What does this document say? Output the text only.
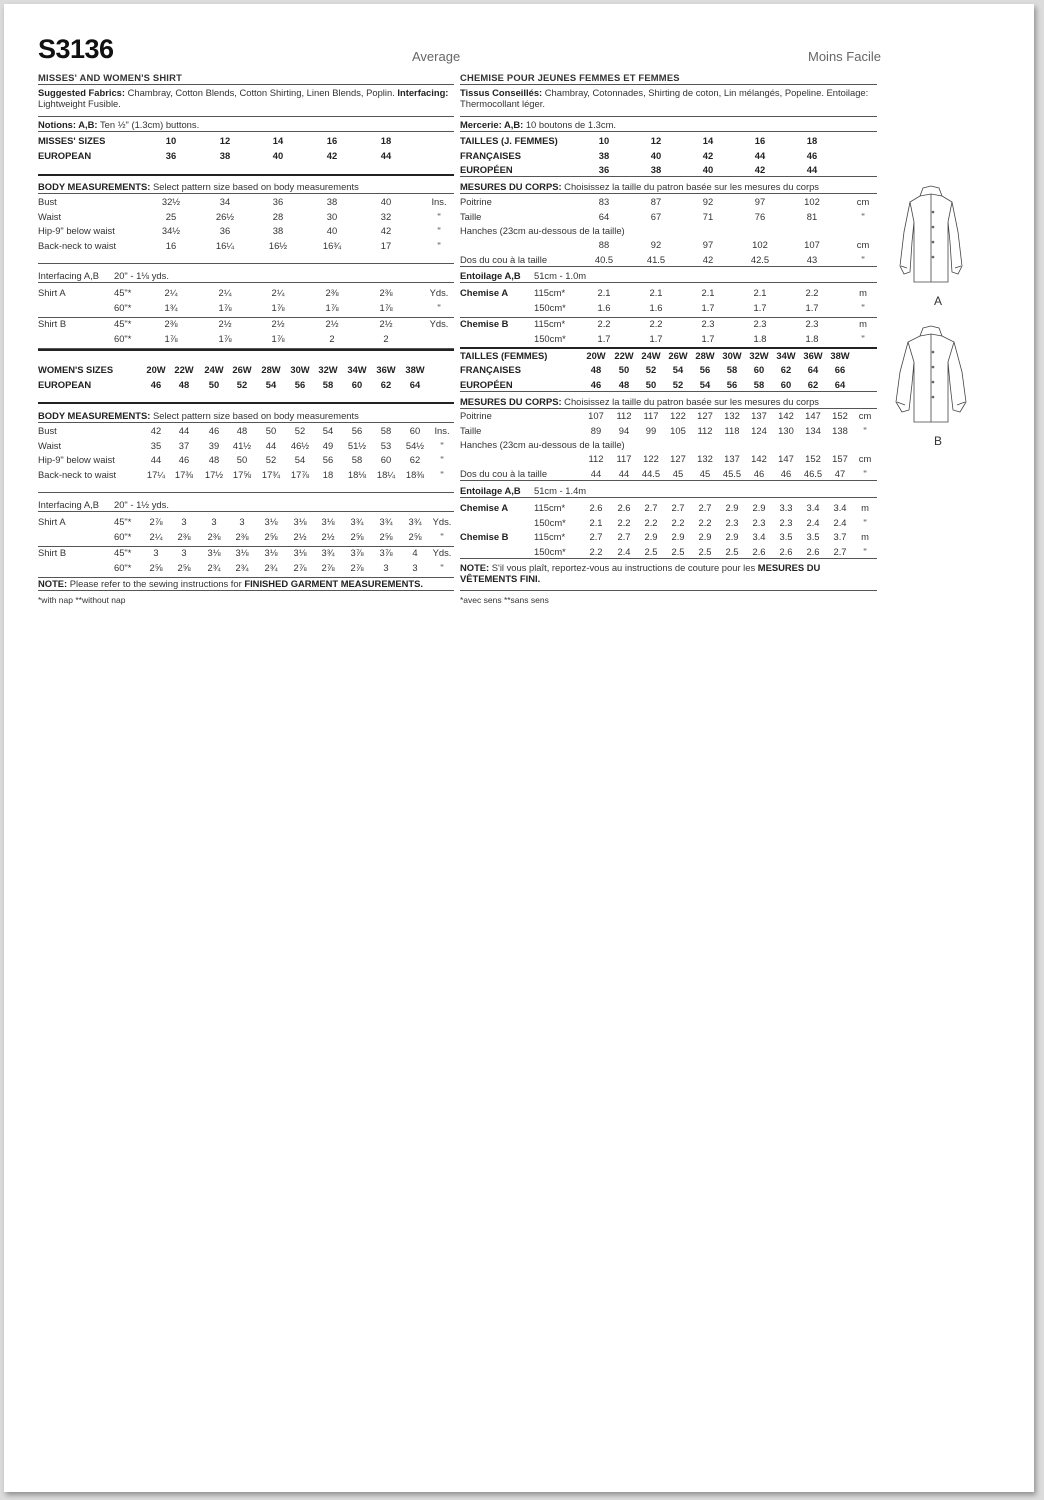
S3136	Average	Moins Facile
MISSES' AND WOMEN'S SHIRT
Suggested Fabrics: Chambray, Cotton Blends, Cotton Shirting, Linen Blends, Poplin. Interfacing: Lightweight Fusible.
Notions: A,B: Ten ½" (1.3cm) buttons.
MISSES' SIZES	10	12	14	16	18
EUROPEAN	36	38	40	42	44
BODY MEASUREMENTS: Select pattern size based on body measurements
Bust	32½	34	36	38	40	Ins.
Waist	25	26½	28	30	32	"
Hip-9" below waist	34½	36	38	40	42	"
Back-neck to waist	16	16¼	16½	16¾	17	"
Interfacing A,B 20" - 1⅛ yds.
Shirt A	45"*	2¼	2¼	2¼	2⅜	2⅜	Yds.
60"*	1¾	1⅞	1⅞	1⅞	1⅞	"
Shirt B	45"*	2⅜	2½	2½	2½	2½	Yds.
60"*	1⅞	1⅞	1⅞	2	2
WOMEN'S SIZES	20W 22W 24W 26W 28W 30W 32W 34W 36W 38W
EUROPEAN	46 48 50 52 54 56 58 60 62 64
BODY MEASUREMENTS: Select pattern size based on body measurements
Bust	42 44 46 48 50 52 54 56 58 60 Ins.
Waist	35 37 39 41½ 44 46½ 49 51½ 53 54½ "
Hip-9" below waist	44 46 48 50 52 54 56 58 60 62 "
Back-neck to waist	17¼ 17⅜ 17½ 17⅝ 17¾ 17⅞ 18 18⅛ 18¼ 18⅜ "
Interfacing A,B 20" - 1½ yds.
Shirt A	45"* 2⅞ 3	3 3 3⅛ 3⅛ 3⅛ 3¾ 3¾ 3¾ Yds.
60"* 2¼ 2⅜ 2⅜ 2⅜ 2⅝ 2½ 2½ 2⅝ 2⅝ 2⅝ "
Shirt B	45"* 3 3 3⅛ 3⅛ 3⅛ 3⅛ 3¾ 3⅞ 3⅞ 4 Yds.
60"* 2⅝ 2⅝ 2¾ 2¾ 2¾ 2⅞ 2⅞ 2⅞ 3	3 "
NOTE: Please refer to the sewing instructions for FINISHED GARMENT MEASUREMENTS.
*with nap **without nap
CHEMISE POUR JEUNES FEMMES ET FEMMES
Tissus Conseillés: Chambray, Cotonnades, Shirting de coton, Lin mélangés, Popeline. Entoilage: Thermocollant léger.
Mercerie: A,B: 10 boutons de 1.3cm.
TAILLES (J. FEMMES)	10	12	14	16	18
FRANÇAISES	38	40	42	44	46
EUROPÉEN	36	38	40	42	44
MESURES DU CORPS: Choisissez la taille du patron basée sur les mesures du corps
Poitrine	83	87	92	97	102	cm
Taille	64	67	71	76	81	"
Hanches (23cm au-dessous de la taille)
88	92	97	102	107	cm
Dos du cou à la taille	40.5	41.5	42	42.5	43	"
Entoilage A,B 51cm - 1.0m
Chemise A	115cm*	2.1	2.1	2.1	2.1	2.2	m
150cm*	1.6	1.6	1.7	1.7	1.7	"
Chemise B	115cm*	2.2	2.2	2.3	2.3	2.3	m
150cm*	1.7	1.7	1.7	1.8	1.8	"
TAILLES (FEMMES)	20W 22W 24W 26W 28W 30W 32W 34W 36W 38W
FRANÇAISES	48 50 52 54 56 58 60 62 64 66
EUROPÉEN	46 48 50 52 54 56 58 60 62 64
MESURES DU CORPS: Choisissez la taille du patron basée sur les mesures du corps
Poitrine	107 112 117 122 127 132 137 142 147 152 cm
Taille	89 94 99 105 112 118 124 130 134 138 "
Hanches (23cm au-dessous de la taille)
112 117 122 127 132 137 142 147 152 157 cm
Dos du cou à la taille	44 44 44.5 45 45 45.5 46 46 46.5 47 "
Entoilage A,B 51cm - 1.4m
Chemise A	115cm*	2.6 2.6 2.7 2.7 2.7 2.9 2.9 3.3 3.4 3.4 m
150cm*	2.1 2.2 2.2 2.2 2.2 2.3 2.3 2.3 2.4 2.4 "
Chemise B	115cm*	2.7 2.7 2.9 2.9 2.9 2.9 3.4 3.5 3.5 3.7 m
150cm*	2.2 2.4 2.5 2.5 2.5 2.5 2.6 2.6 2.6 2.7 "
NOTE: S'il vous plaît, reportez-vous au instructions de couture pour les MESURES DU VÊTEMENTS FINI.
*avec sens **sans sens
A
B
